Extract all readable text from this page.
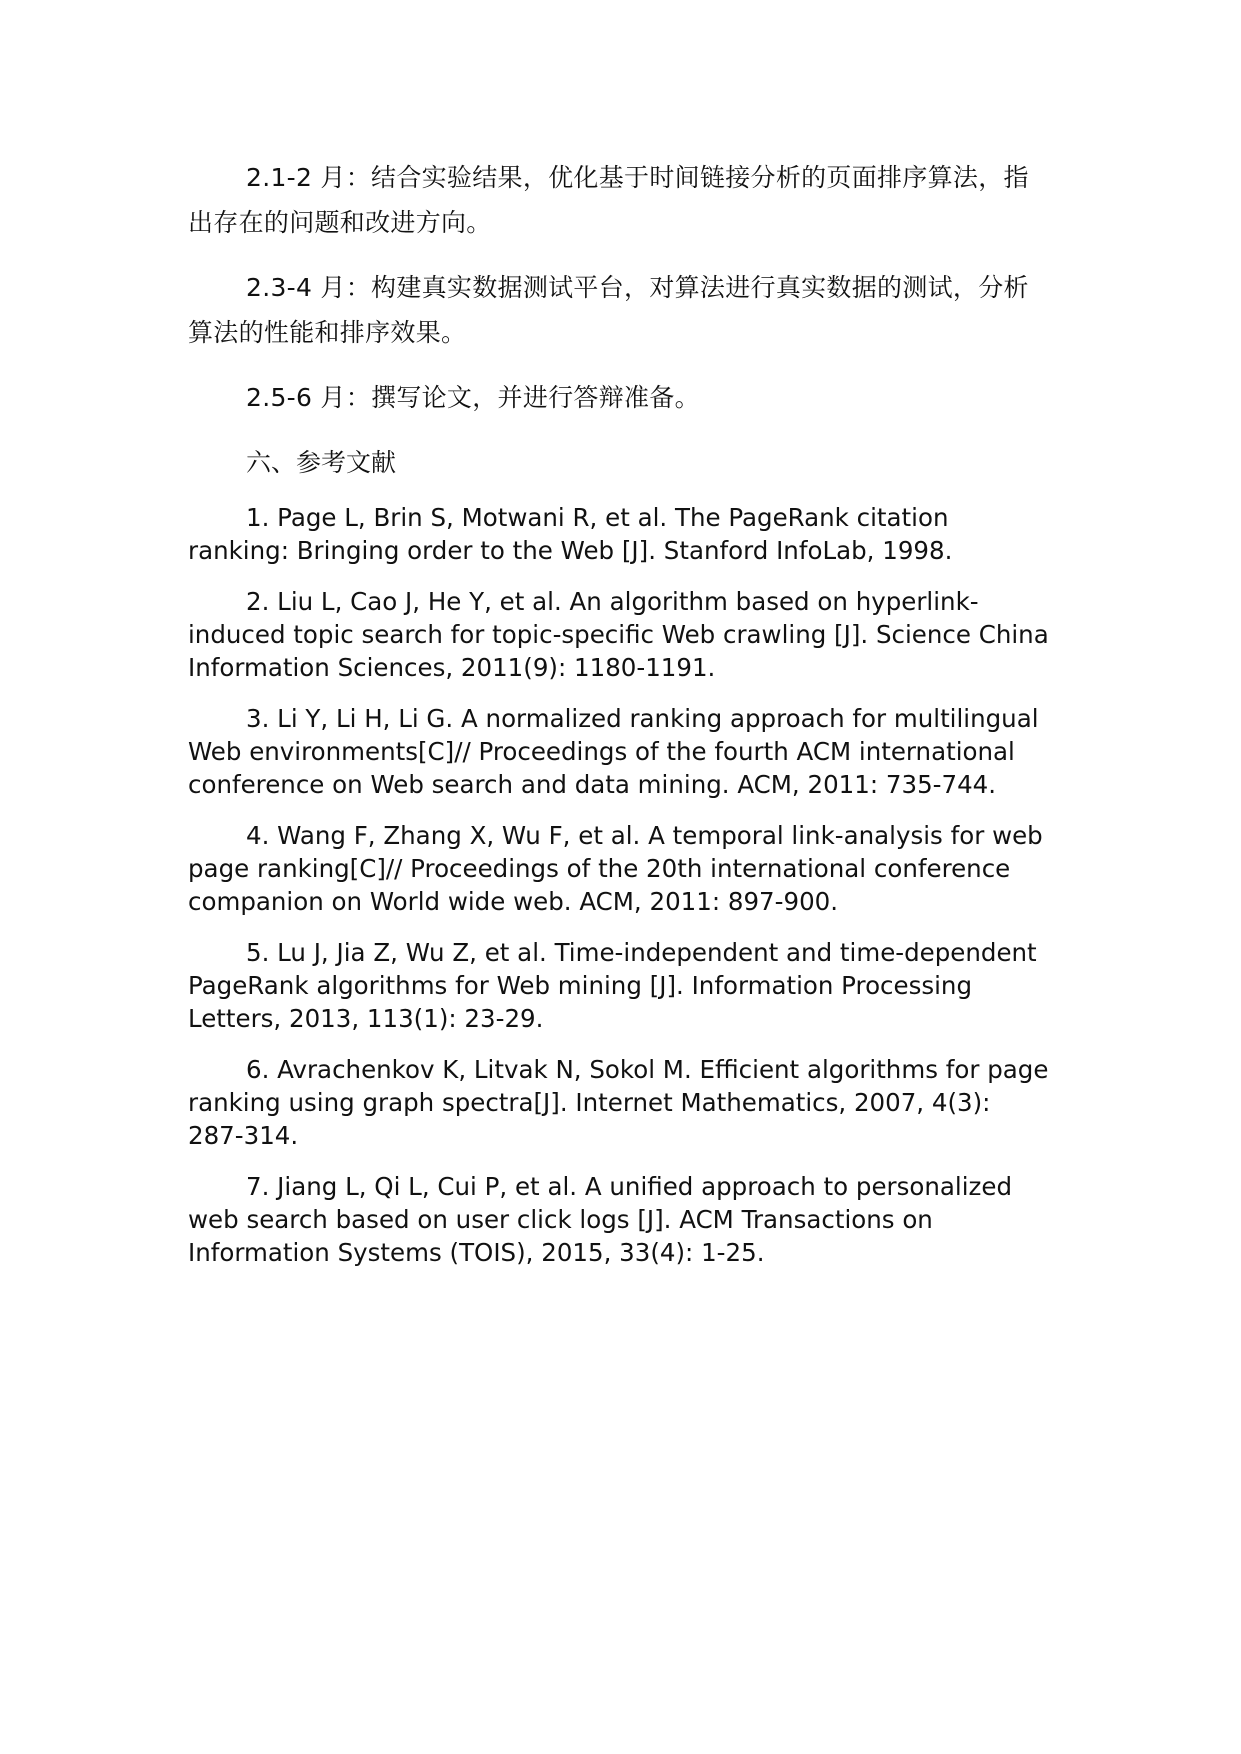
2.1-2 月：结合实验结果，优化基于时间链接分析的页面排序算法，指出存在的问题和改进方向。

2.3-4 月：构建真实数据测试平台，对算法进行真实数据的测试，分析算法的性能和排序效果。

2.5-6 月：撰写论文，并进行答辩准备。

六、参考文献

1. Page L, Brin S, Motwani R, et al. The PageRank citation ranking: Bringing order to the Web [J]. Stanford InfoLab, 1998.

2. Liu L, Cao J, He Y, et al. An algorithm based on hyperlink-induced topic search for topic-specific Web crawling [J]. Science China Information Sciences, 2011(9): 1180-1191.

3. Li Y, Li H, Li G. A normalized ranking approach for multilingual Web environments[C]// Proceedings of the fourth ACM international conference on Web search and data mining. ACM, 2011: 735-744.

4. Wang F, Zhang X, Wu F, et al. A temporal link-analysis for web page ranking[C]// Proceedings of the 20th international conference companion on World wide web. ACM, 2011: 897-900.

5. Lu J, Jia Z, Wu Z, et al. Time-independent and time-dependent PageRank algorithms for Web mining [J]. Information Processing Letters, 2013, 113(1): 23-29.

6. Avrachenkov K, Litvak N, Sokol M. Efficient algorithms for page ranking using graph spectra[J]. Internet Mathematics, 2007, 4(3): 287-314.

7. Jiang L, Qi L, Cui P, et al. A unified approach to personalized web search based on user click logs [J]. ACM Transactions on Information Systems (TOIS), 2015, 33(4): 1-25.
